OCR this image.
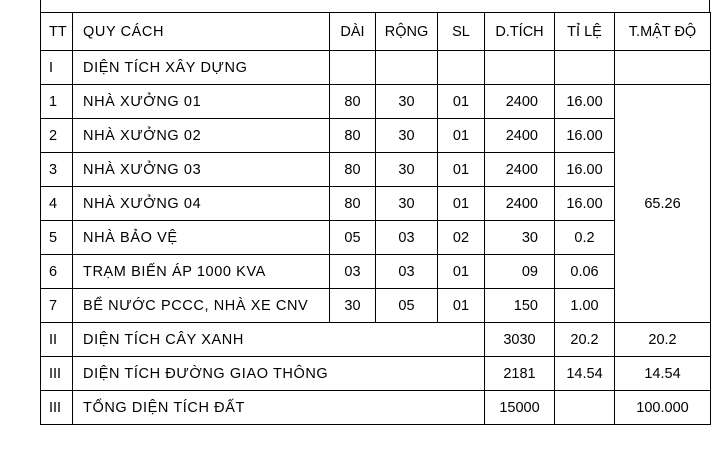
TT	QUY CÁCH	DÀI	RỘNG	SL	D.TÍCH	TỈ LỆ	T.MẬT ĐỘ
I	DIỆN TÍCH XÂY DỰNG						
1	NHÀ XƯỞNG 01	80	30	01	2400	16.00	65.26
2	NHÀ XƯỞNG 02	80	30	01	2400	16.00	
3	NHÀ XƯỞNG 03	80	30	01	2400	16.00	
4	NHÀ XƯỞNG 04	80	30	01	2400	16.00	
5	NHÀ BẢO VỆ	05	03	02	30	0.2	
6	TRẠM BIẾN ÁP 1000 KVA	03	03	01	09	0.06	
7	BỂ NƯỚC PCCC, NHÀ XE CNV	30	05	01	150	1.00	
II	DIỆN TÍCH CÂY XANH				3030	20.2	20.2
III	DIỆN TÍCH ĐƯỜNG GIAO THÔNG				2181	14.54	14.54
III	TỔNG DIỆN TÍCH ĐẤT				15000		100.000
